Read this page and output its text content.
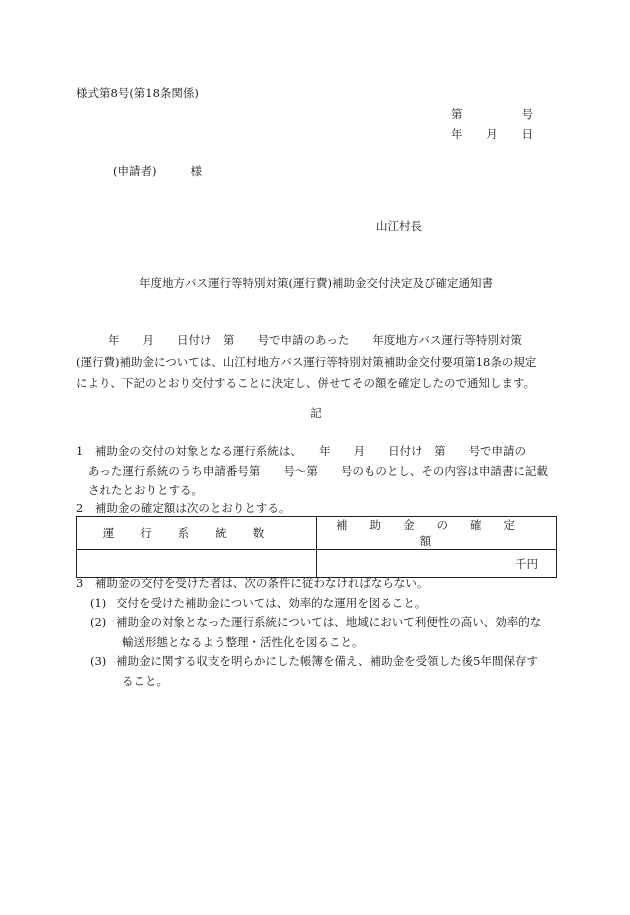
様式第8号(第18条関係)
第	号
年 月 日
(申請者)	様
山江村長
年度地方バス運行等特別対策(運行費)補助金交付決定及び確定通知書

年　　月　　日付け　第　　号で申請のあった　　年度地方バス運行等特別対策

(運行費)補助金については、山江村地方バス運行等特別対策補助金交付要項第18条の規定

により、下記のとおり交付することに決定し、併せてその額を確定したので通知します。

記
1　補助金の交付の対象となる運行系統は、　　年　　月　　日付け　第　　号で申請の
あった運行系統のうち申請番号第　　号～第　　号のものとし、その内容は申請書に記載
されたとおりとする。
2　補助金の確定額は次のとおりとする。
運行系統数	補助金の確定額
	千円
3　補助金の交付を受けた者は、次の条件に従わなければならない。
(1) 交付を受けた補助金については、効率的な運用を図ること。
(2) 補助金の対象となった運行系統については、地域において利便性の高い、効率的な
輸送形態となるよう整理・活性化を図ること。
(3) 補助金に関する収支を明らかにした帳簿を備え、補助金を受領した後5年間保存す
ること。
